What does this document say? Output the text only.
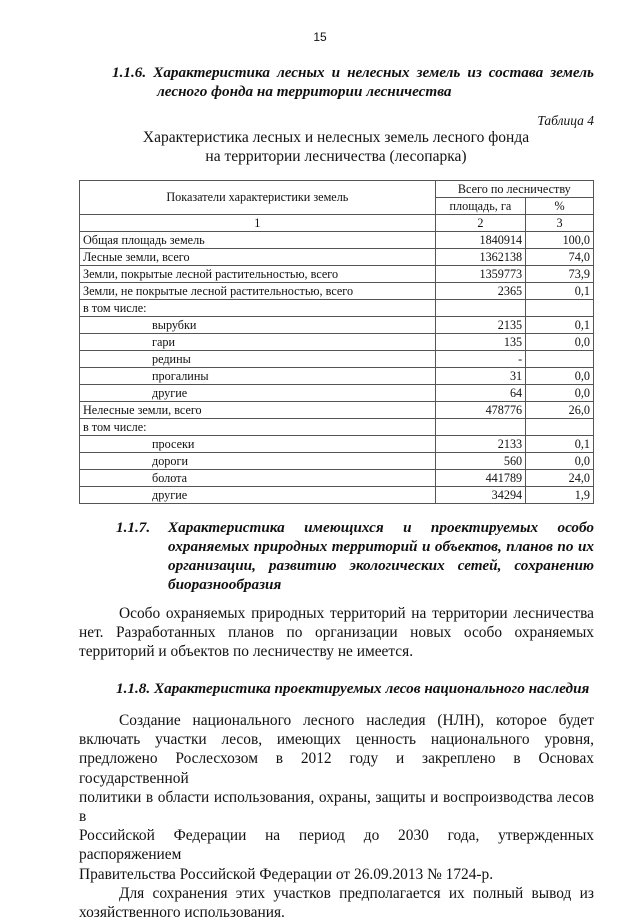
15
1.1.6. Характеристика лесных и нелесных земель из состава земель
лесного фонда на территории лесничества
Таблица 4
Характеристика лесных и нелесных земель лесного фонда
на территории лесничества (лесопарка)
Показатели характеристики земель	Всего по лесничеству	
	площадь, га	%
1	2	3
Общая площадь земель	1840914	100,0
Лесные земли, всего	1362138	74,0
Земли, покрытые лесной растительностью, всего	1359773	73,9
Земли, не покрытые лесной растительностью, всего	2365	0,1
в том числе:		
вырубки	2135	0,1
гари	135	0,0
редины	-	
прогалины	31	0,0
другие	64	0,0
Нелесные земли, всего	478776	26,0
в том числе:		
просеки	2133	0,1
дороги	560	0,0
болота	441789	24,0
другие	34294	1,9
1.1.7.	Характеристика имеющихся и проектируемых особо
охраняемых природных территорий и объектов, планов по их
организации, развитию экологических сетей, сохранению
биоразнообразия
Особо охраняемых природных территорий на территории лесничества
нет. Разработанных планов по организации новых особо охраняемых
территорий и объектов по лесничеству не имеется.
1.1.8. Характеристика проектируемых лесов национального наследия
Создание национального лесного наследия (НЛН), которое будет
включать участки лесов, имеющих ценность национального уровня,
предложено Рослесхозом в 2012 году и закреплено в Основах государственной
политики в области использования, охраны, защиты и воспроизводства лесов в
Российской Федерации на период до 2030 года, утвержденных распоряжением
Правительства Российской Федерации от 26.09.2013 № 1724-р.
Для сохранения этих участков предполагается их полный вывод из
хозяйственного использования.
